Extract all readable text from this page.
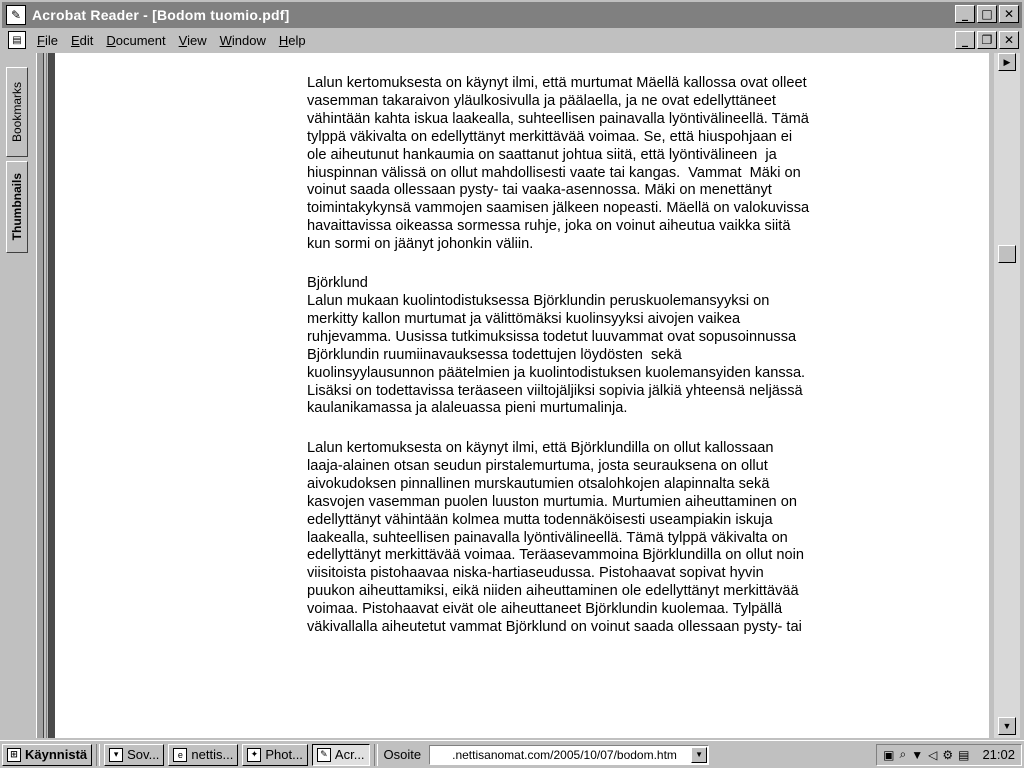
✎ Acrobat Reader - [Bodom tuomio.pdf]	_	□ ✕
▤	File	Edit	Document	View	Window	Help	_	❐ ✕
Bookmarks
Thumbnails
Lalun kertomuksesta on käynyt ilmi, että murtumat Mäellä kallossa ovat olleet
vasemman takaraivon yläulkosivulla ja päälaella, ja ne ovat edellyttäneet
vähintään kahta iskua laakealla, suhteellisen painavalla lyöntivälineellä. Tämä
tylppä väkivalta on edellyttänyt merkittävää voimaa. Se, että hiuspohjaan ei
ole aiheutunut hankaumia on saattanut johtua siitä, että lyöntivälineen  ja
hiuspinnan välissä on ollut mahdollisesti vaate tai kangas.  Vammat  Mäki on
voinut saada ollessaan pysty- tai vaaka-asennossa. Mäki on menettänyt
toimintakykynsä vammojen saamisen jälkeen nopeasti. Mäellä on valokuvissa
havaittavissa oikeassa sormessa ruhje, joka on voinut aiheutua vaikka siitä
kun sormi on jäänyt johonkin väliin.
Björklund
Lalun mukaan kuolintodistuksessa Björklundin peruskuolemansyyksi on
merkitty kallon murtumat ja välittömäksi kuolinsyyksi aivojen vaikea
ruhjevamma. Uusissa tutkimuksissa todetut luuvammat ovat sopusoinnussa
Björklundin ruumiinavauksessa todettujen löydösten  sekä
kuolinsyylausunnon päätelmien ja kuolintodistuksen kuolemansyiden kanssa.
Lisäksi on todettavissa teräaseen viiltojäljiksi sopivia jälkiä yhteensä neljässä
kaulanikamassa ja alaleuassa pieni murtumalinja.
Lalun kertomuksesta on käynyt ilmi, että Björklundilla on ollut kallossaan
laaja-alainen otsan seudun pirstalemurtuma, josta seurauksena on ollut
aivokudoksen pinnallinen murskautumien otsalohkojen alapinnalta sekä
kasvojen vasemman puolen luuston murtumia. Murtumien aiheuttaminen on
edellyttänyt vähintään kolmea mutta todennäköisesti useampiakin iskuja
laakealla, suhteellisen painavalla lyöntivälineellä. Tämä tylppä väkivalta on
edellyttänyt merkittävää voimaa. Teräasevammoina Björklundilla on ollut noin
viisitoista pistohaavaa niska-hartiaseudussa. Pistohaavat sopivat hyvin
puukon aiheuttamiksi, eikä niiden aiheuttaminen ole edellyttänyt merkittävää
voimaa. Pistohaavat eivät ole aiheuttaneet Björklundin kuolemaa. Tylpällä
väkivallalla aiheutetut vammat Björklund on voinut saada ollessaan pysty- tai
▶
▼
⊞ Käynnistä	▾ Sov...	e nettis...	✦ Phot...	✎ Acr... Osoite	.nettisanomat.com/2005/10/07/bodom.htm	▼	▣ ⌕ ▼ ◁ ⚙ ▤ 21:02
